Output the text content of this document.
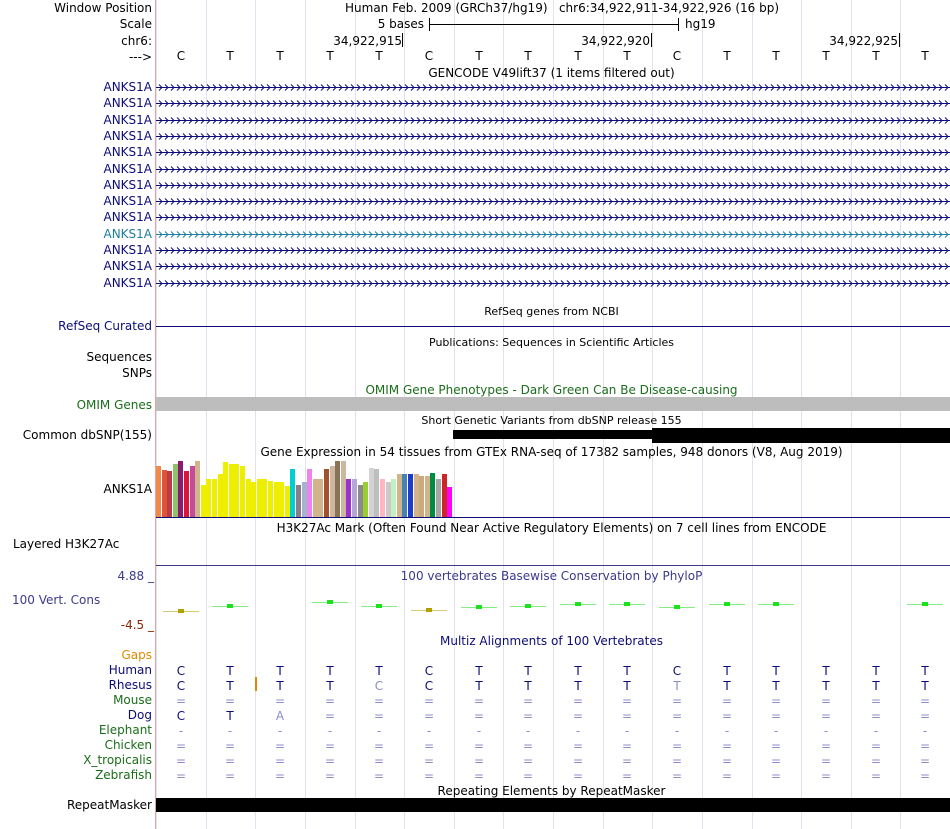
Window Position	Human Feb. 2009 (GRCh37/hg19)   chr6:34,922,911-34,922,926 (16 bp)
Scale	5 bases	hg19
chr6:	34,922,915	34,922,920	34,922,925
--->	C	T	T	T	T	C	T	T	T	T	C	T	T	T	T	T
GENCODE V49lift37 (1 items filtered out)
ANKS1A
ANKS1A
ANKS1A
ANKS1A
ANKS1A
ANKS1A
ANKS1A
ANKS1A
ANKS1A
ANKS1A
ANKS1A
ANKS1A
ANKS1A
RefSeq genes from NCBI
RefSeq Curated
Publications: Sequences in Scientific Articles
Sequences
SNPs
OMIM Gene Phenotypes - Dark Green Can Be Disease-causing
OMIM Genes
Short Genetic Variants from dbSNP release 155
Common dbSNP(155)
Gene Expression in 54 tissues from GTEx RNA-seq of 17382 samples, 948 donors (V8, Aug 2019)
ANKS1A
H3K27Ac Mark (Often Found Near Active Regulatory Elements) on 7 cell lines from ENCODE
Layered H3K27Ac
100 vertebrates Basewise Conservation by PhyloP
4.88 _
100 Vert. Cons
-4.5 _
Multiz Alignments of 100 Vertebrates
Gaps
Human	C	T	T	T	T	C	T	T	T	T	C	T	T	T	T	T
Rhesus	C	T	T	T	C	C	T	T	T	T	T	T	T	T	T	T
Mouse	=	=	=	=	=	=	=	=	=	=	=	=	=	=	=	=
Dog	C	T	A	=	=	=	=	=	=	=	=	=	=	=	=	=
Elephant	-	-	-	-	-	-	-	-	-	-	-	-	-	-	-	-
Chicken	=	=	=	=	=	=	=	=	=	=	=	=	=	=	=	=
X_tropicalis	=	=	=	=	=	=	=	=	=	=	=	=	=	=	=	=
Zebrafish	=	=	=	=	=	=	=	=	=	=	=	=	=	=	=	=
Repeating Elements by RepeatMasker
RepeatMasker
